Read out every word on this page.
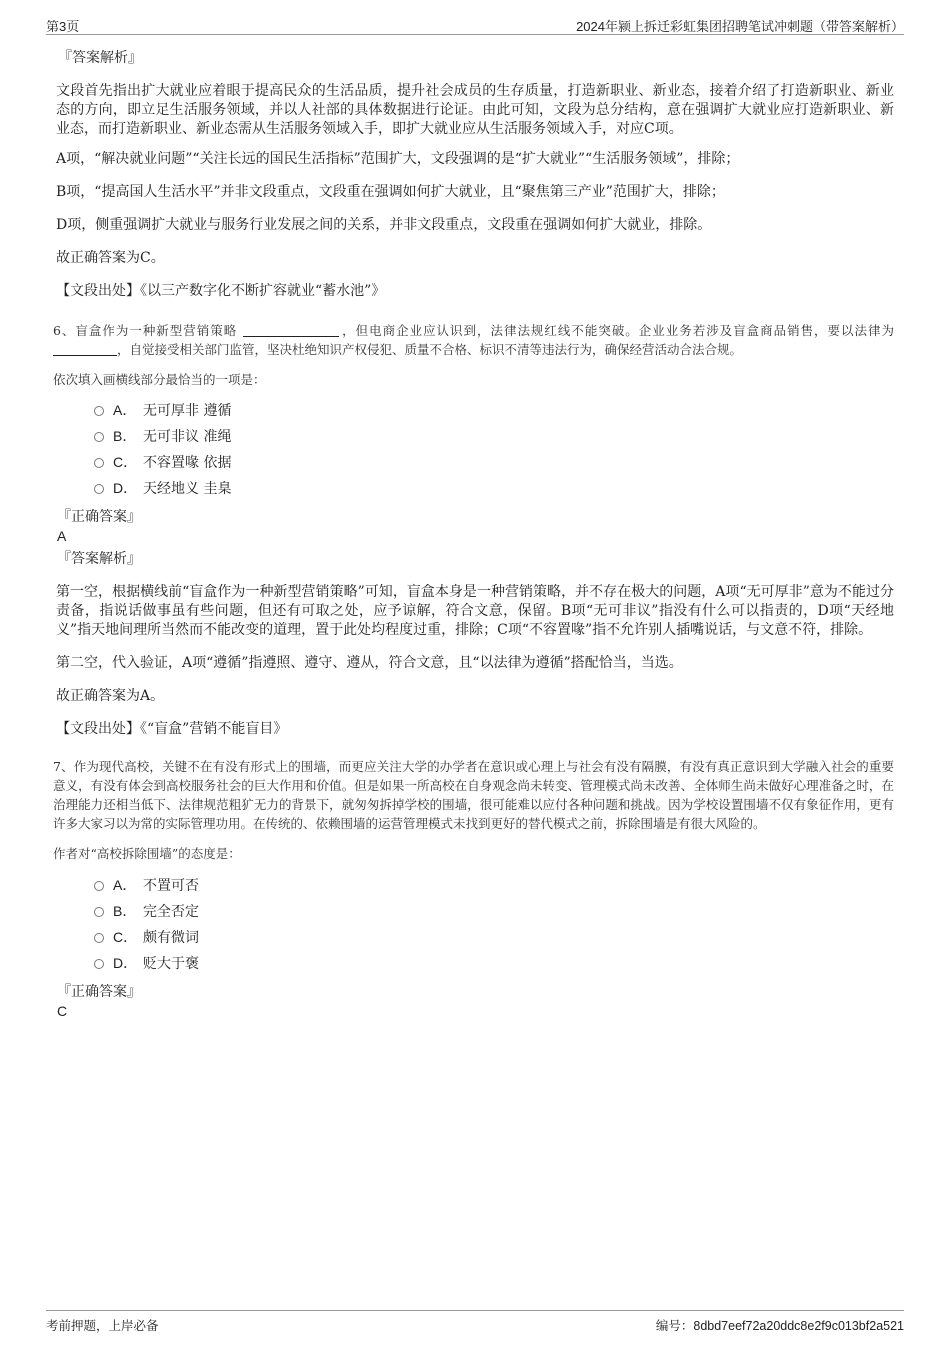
第3页	2024年颍上拆迁彩虹集团招聘笔试冲刺题（带答案解析）

『答案解析』

文段首先指出扩大就业应着眼于提高民众的生活品质，提升社会成员的生存质量，打造新职业、新业态，接着介绍了打造新职业、新业态的方向，即立足生活服务领域，并以人社部的具体数据进行论证。由此可知，文段为总分结构，意在强调扩大就业应打造新职业、新业态，而打造新职业、新业态需从生活服务领域入手，即扩大就业应从生活服务领域入手，对应C项。

A项，“解决就业问题”“关注长远的国民生活指标”范围扩大，文段强调的是“扩大就业”“生活服务领域”，排除；

B项，“提高国人生活水平”并非文段重点，文段重在强调如何扩大就业，且“聚焦第三产业”范围扩大，排除；

D项，侧重强调扩大就业与服务行业发展之间的关系，并非文段重点，文段重在强调如何扩大就业，排除。

故正确答案为C。

【文段出处】《以三产数字化不断扩容就业“蓄水池”》

6、盲盒作为一种新型营销策略	，但电商企业应认识到，法律法规红线不能突破。企业业务若涉及盲盒商品销售，要以法律为，自觉接受相关部门监管，坚决杜绝知识产权侵犯、质量不合格、标识不清等违法行为，确保经营活动合法合规。

依次填入画横线部分最恰当的一项是：

A． 无可厚非 遵循
B． 无可非议 准绳
C． 不容置喙 依据
D． 天经地义 圭臬

『正确答案』

A

『答案解析』

第一空，根据横线前“盲盒作为一种新型营销策略”可知，盲盒本身是一种营销策略，并不存在极大的问题，A项“无可厚非”意为不能过分责备，指说话做事虽有些问题，但还有可取之处，应予谅解，符合文意，保留。B项“无可非议”指没有什么可以指责的，D项“天经地义”指天地间理所当然而不能改变的道理，置于此处均程度过重，排除；C项“不容置喙”指不允许别人插嘴说话，与文意不符，排除。

第二空，代入验证，A项“遵循”指遵照、遵守、遵从，符合文意，且“以法律为遵循”搭配恰当，当选。

故正确答案为A。

【文段出处】《“盲盒”营销不能盲目》

7、作为现代高校，关键不在有没有形式上的围墙，而更应关注大学的办学者在意识或心理上与社会有没有隔膜，有没有真正意识到大学融入社会的重要意义，有没有体会到高校服务社会的巨大作用和价值。但是如果一所高校在自身观念尚未转变、管理模式尚未改善、全体师生尚未做好心理准备之时，在治理能力还相当低下、法律规范粗犷无力的背景下，就匆匆拆掉学校的围墙，很可能难以应付各种问题和挑战。因为学校设置围墙不仅有象征作用，更有许多大家习以为常的实际管理功用。在传统的、依赖围墙的运营管理模式未找到更好的替代模式之前，拆除围墙是有很大风险的。

作者对“高校拆除围墙”的态度是：

A． 不置可否
B． 完全否定
C． 颇有微词
D． 贬大于褒

『正确答案』

C

考前押题，上岸必备	编号：8dbd7eef72a20ddc8e2f9c013bf2a521
